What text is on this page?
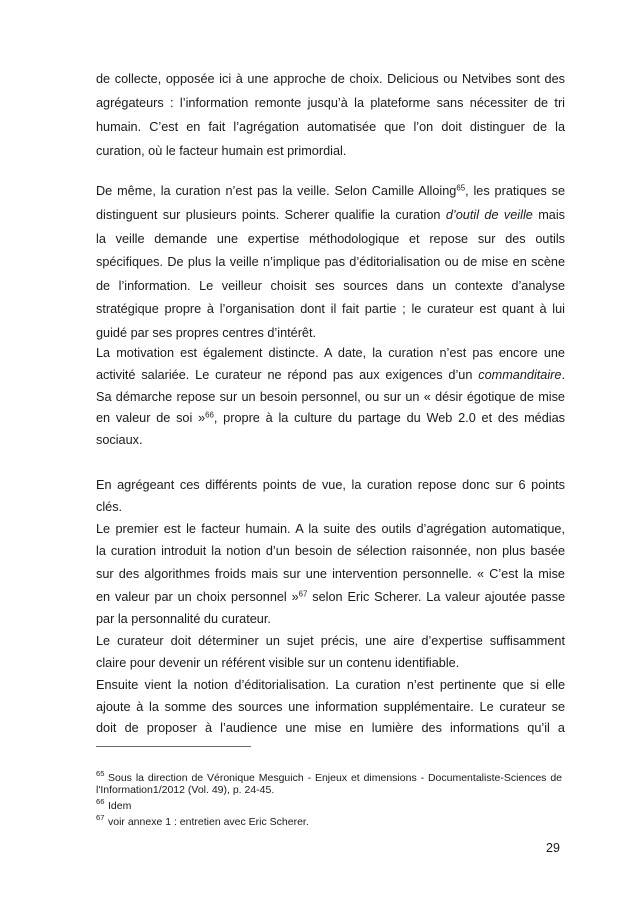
de collecte, opposée ici à une approche de choix. Delicious ou Netvibes sont des
agrégateurs : l’information remonte jusqu’à la plateforme sans nécessiter de tri
humain. C’est en fait l’agrégation automatisée que l’on doit distinguer de la
curation, où le facteur humain est primordial.
De même, la curation n’est pas la veille. Selon Camille Alloing$^{65}$, les pratiques se
distinguent sur plusieurs points. Scherer qualifie la curation d’outil de veille mais
la veille demande une expertise méthodologique et repose sur des outils
spécifiques. De plus la veille n’implique pas d’éditorialisation ou de mise en scène
de l’information. Le veilleur choisit ses sources dans un contexte d’analyse
stratégique propre à l’organisation dont il fait partie ; le curateur est quant à lui
guidé par ses propres centres d’intérêt.
La motivation est également distincte. A date, la curation n’est pas encore une
activité salariée. Le curateur ne répond pas aux exigences d’un commanditaire.
Sa démarche repose sur un besoin personnel, ou sur un « désir égotique de mise
en valeur de soi »$^{66}$, propre à la culture du partage du Web 2.0 et des médias
sociaux.
En agrégeant ces différents points de vue, la curation repose donc sur 6 points
clés.
Le premier est le facteur humain. A la suite des outils d’agrégation automatique,
la curation introduit la notion d’un besoin de sélection raisonnée, non plus basée
sur des algorithmes froids mais sur une intervention personnelle. « C’est la mise
en valeur par un choix personnel »$^{67}$ selon Eric Scherer. La valeur ajoutée passe
par la personnalité du curateur.
Le curateur doit déterminer un sujet précis, une aire d’expertise suffisamment
claire pour devenir un référent visible sur un contenu identifiable.
Ensuite vient la notion d’éditorialisation. La curation n’est pertinente que si elle
ajoute à la somme des sources une information supplémentaire. Le curateur se
doit de proposer à l’audience une mise en lumière des informations qu’il a
$^{65}$ Sous la direction de Véronique Mesguich - Enjeux et dimensions - Documentaliste-Sciences de
l'Information1/2012 (Vol. 49), p. 24-45.
$^{66}$ Idem
$^{67}$ voir annexe 1 : entretien avec Eric Scherer.
29
